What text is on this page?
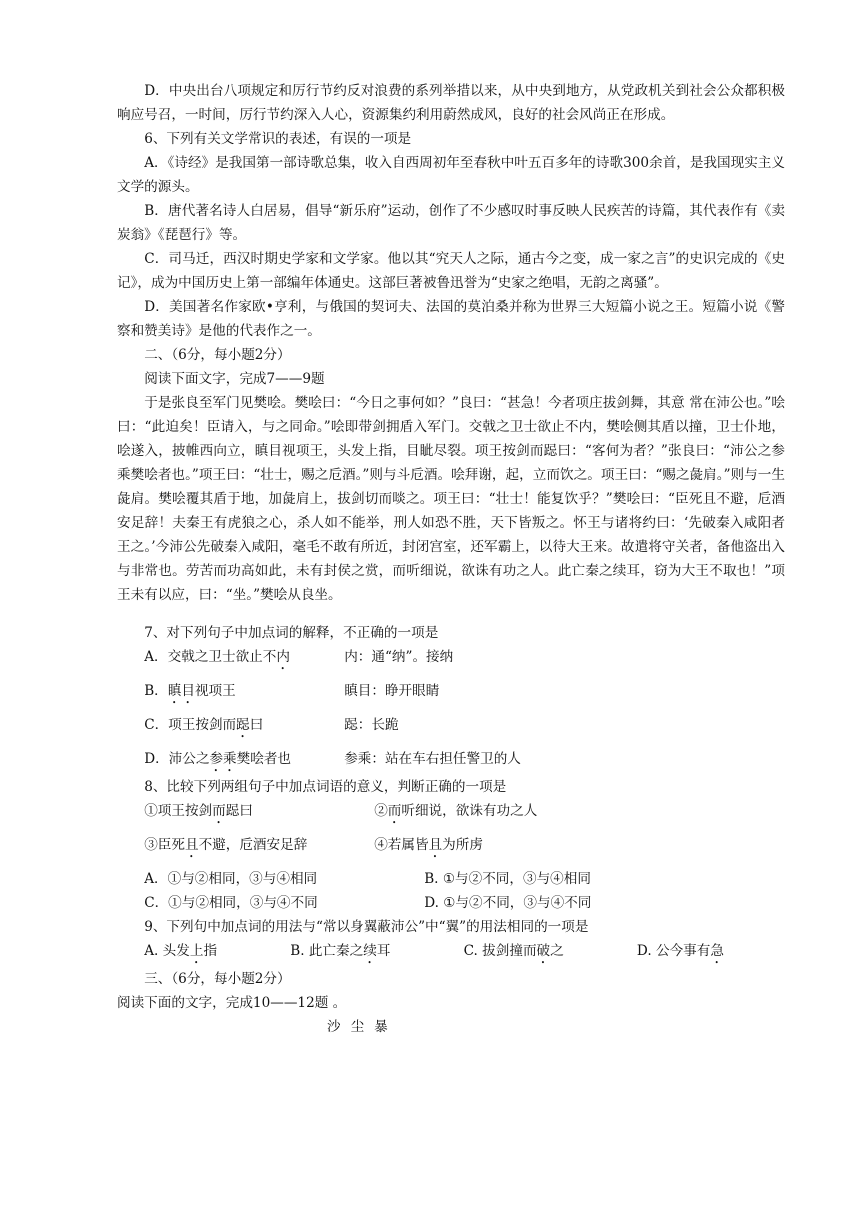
D．中央出台八项规定和厉行节约反对浪费的系列举措以来，从中央到地方，从党政机关到社会公众都积极响应号召，一时间，厉行节约深入人心，资源集约利用蔚然成风，良好的社会风尚正在形成。

6、下列有关文学常识的表述，有误的一项是

A．《诗经》是我国第一部诗歌总集，收入自西周初年至春秋中叶五百多年的诗歌300余首，是我国现实主义文学的源头。

B．唐代著名诗人白居易，倡导“新乐府”运动，创作了不少感叹时事反映人民疾苦的诗篇，其代表作有《卖炭翁》《琵琶行》等。

C．司马迁，西汉时期史学家和文学家。他以其“究天人之际，通古今之变，成一家之言”的史识完成的《史记》，成为中国历史上第一部编年体通史。这部巨著被鲁迅誉为“史家之绝唱，无韵之离骚”。

D．美国著名作家欧•亨利，与俄国的契诃夫、法国的莫泊桑并称为世界三大短篇小说之王。短篇小说《警察和赞美诗》是他的代表作之一。

二、（6分，每小题2分）

阅读下面文字，完成7——9题

于是张良至军门见樊哙。樊哙曰：“今日之事何如？”良曰：“甚急！今者项庄拔剑舞，其意 常在沛公也。”哙曰：“此迫矣！臣请入，与之同命。”哙即带剑拥盾入军门。交戟之卫士欲止不内，樊哙侧其盾以撞，卫士仆地，哙遂入，披帷西向立，瞋目视项王，头发上指，目眦尽裂。项王按剑而跽曰：“客何为者？”张良曰：“沛公之参乘樊哙者也。”项王曰：“壮士，赐之卮酒。”则与斗卮酒。哙拜谢，起，立而饮之。项王曰：“赐之彘肩。”则与一生彘肩。樊哙覆其盾于地，加彘肩上，拔剑切而啖之。项王曰：“壮士！能复饮乎？”樊哙曰：“臣死且不避，卮酒安足辞！夫秦王有虎狼之心，杀人如不能举，刑人如恐不胜，天下皆叛之。怀王与诸将约曰：‘先破秦入咸阳者王之。’今沛公先破秦入咸阳，毫毛不敢有所近，封闭宫室，还军霸上，以待大王来。故遣将守关者，备他盗出入与非常也。劳苦而功高如此，未有封侯之赏，而听细说，欲诛有功之人。此亡秦之续耳，窃为大王不取也！”项王未有以应，曰：“坐。”樊哙从良坐。

7、对下列句子中加点词的解释，不正确的一项是

A．交戟之卫士欲止不内	内：通“纳”。接纳
B．瞋目视项王	瞋目：睁开眼睛
C．项王按剑而跽曰	跽：长跪
D．沛公之参乘樊哙者也	参乘：站在车右担任警卫的人

8、比较下列两组句子中加点词语的意义，判断正确的一项是

①项王按剑而跽曰	②而听细说，欲诛有功之人
③臣死且不避，卮酒安足辞	④若属皆且为所虏
A．①与②相同，③与④相同	B. ①与②不同，③与④相同
C．①与②相同，③与④不同	D. ①与②不同，③与④不同

9、下列句中加点词的用法与“常以身翼蔽沛公”中“翼”的用法相同的一项是

A. 头发上指	B. 此亡秦之续耳	C. 拔剑撞而破之	D. 公今事有急

三、（6分，每小题2分）

阅读下面的文字，完成10——12题 。

沙尘暴
